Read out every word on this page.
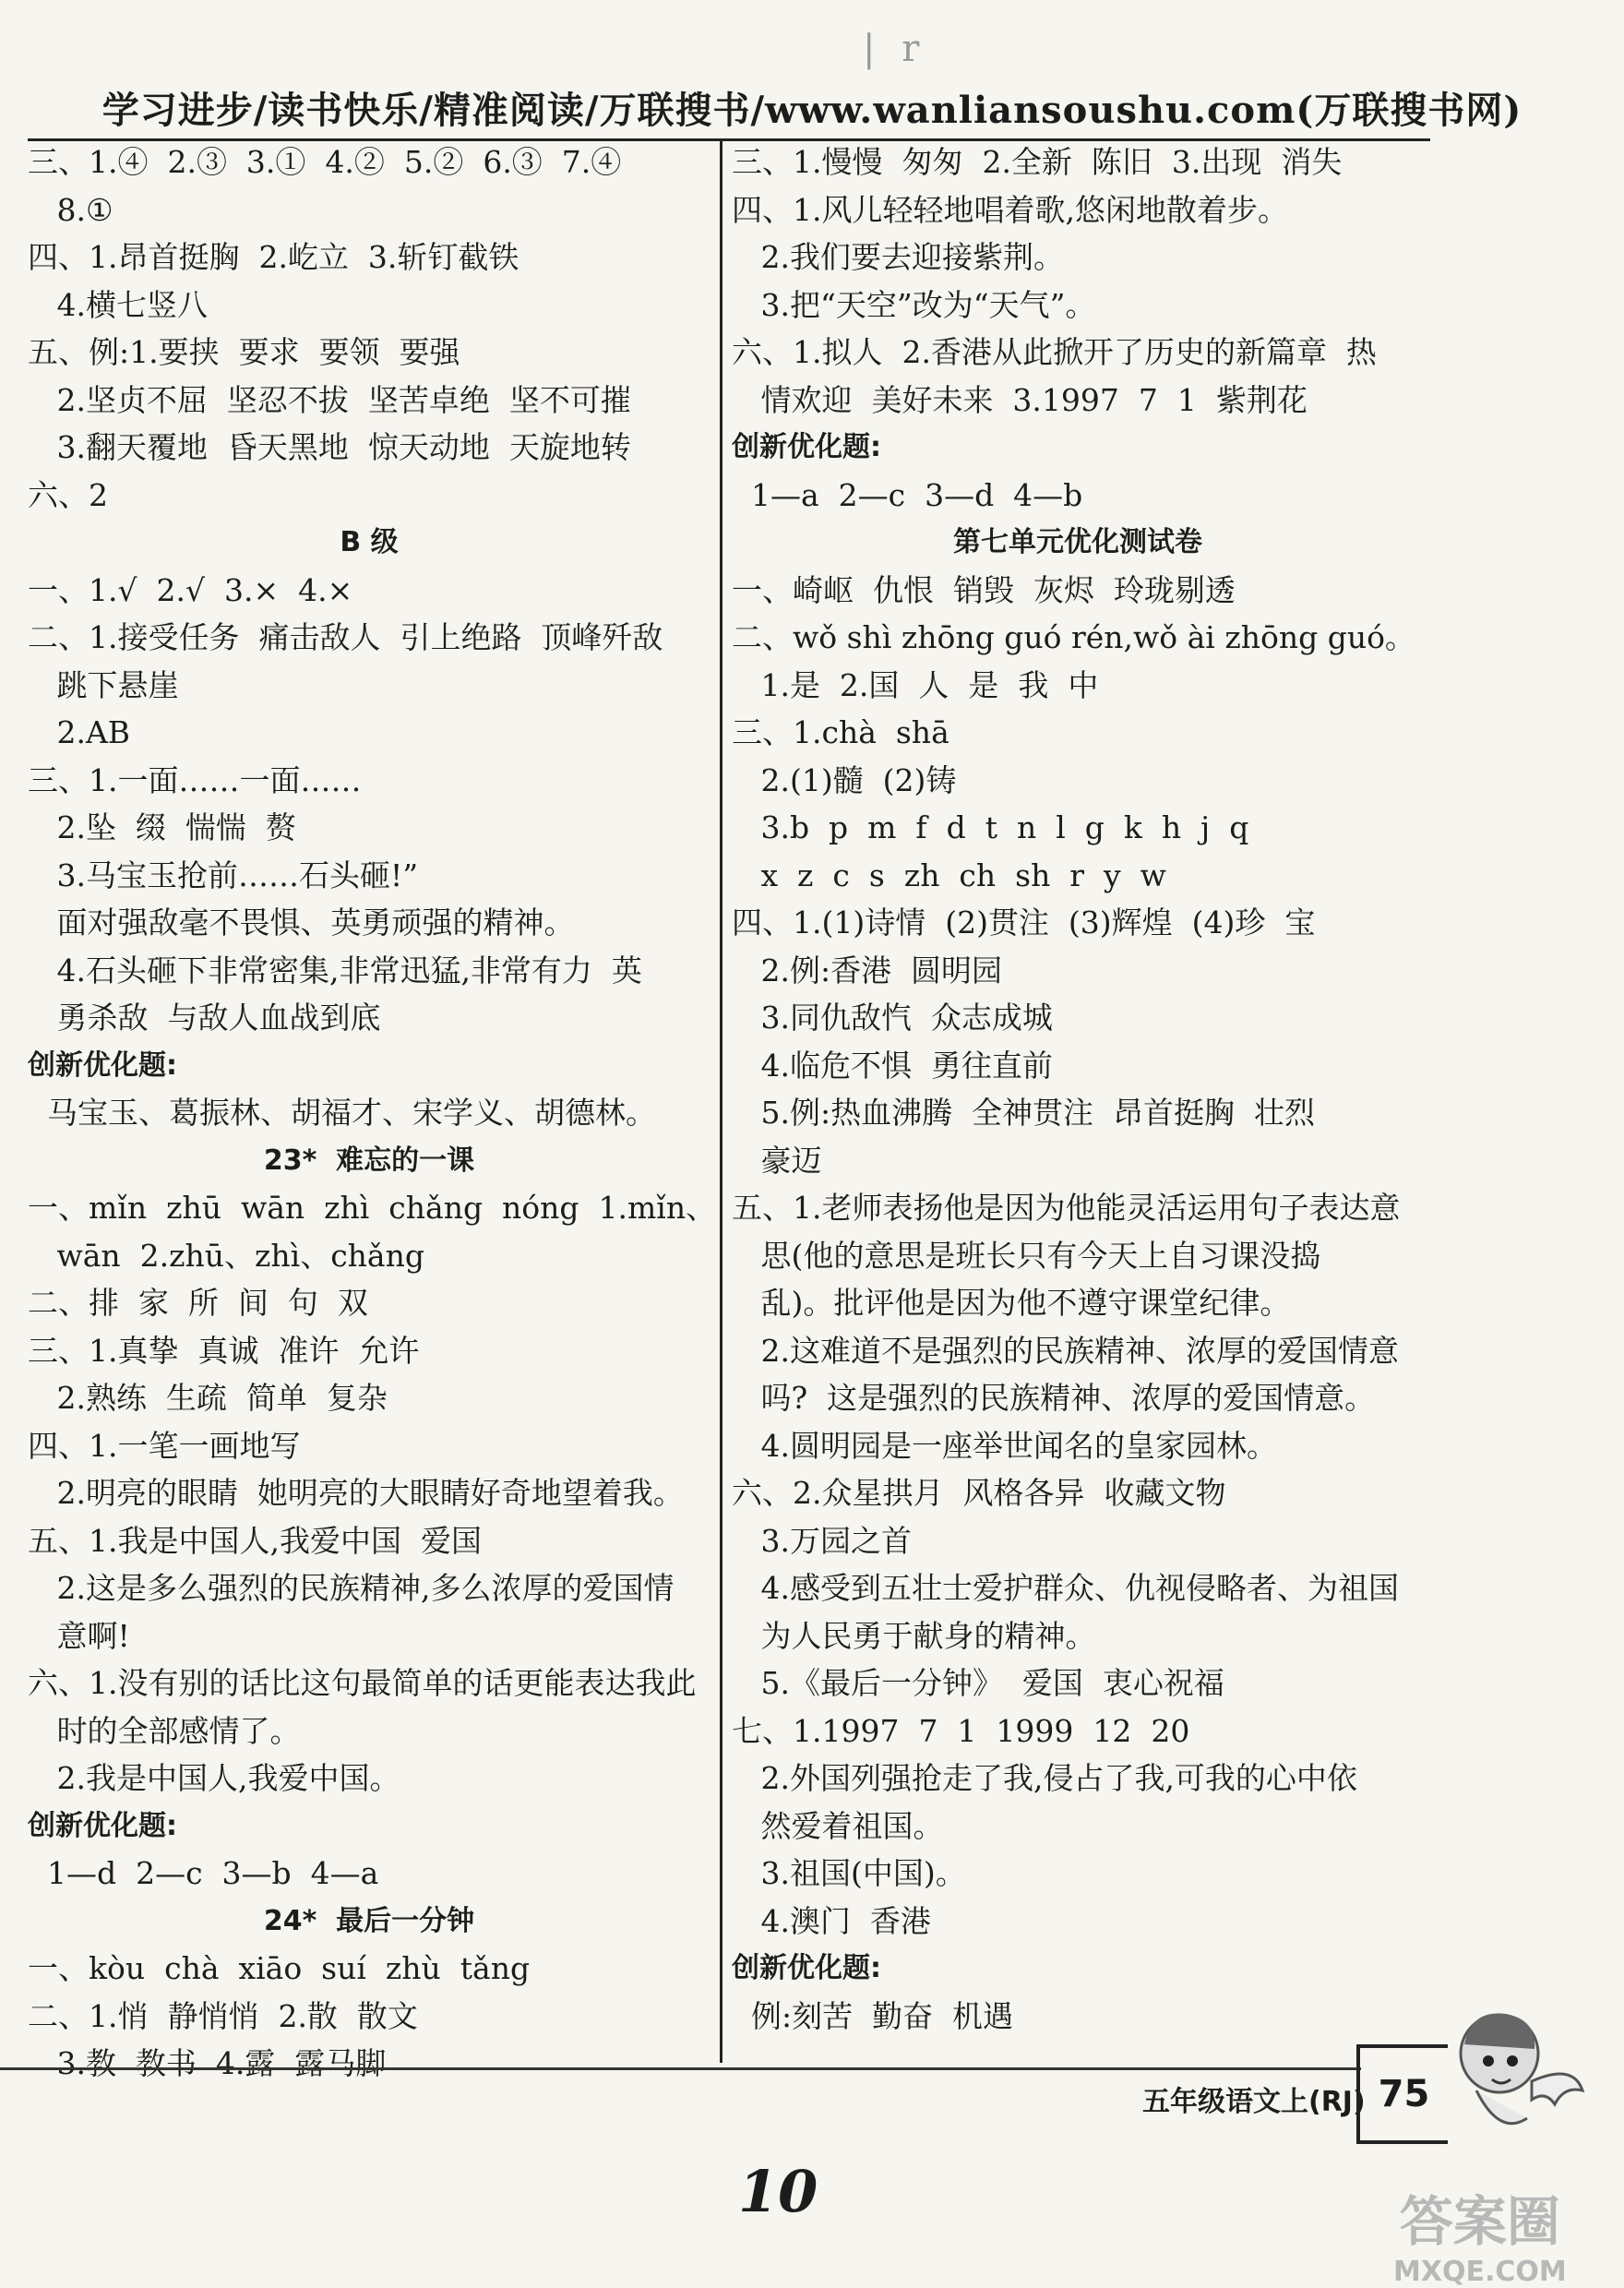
| r
学习进步/读书快乐/精准阅读/万联搜书/www.wanliansoushu.com(万联搜书网)
三、1.④  2.③  3.①  4.②  5.②  6.③  7.④
8.①
四、1.昂首挺胸  2.屹立  3.斩钉截铁
4.横七竖八
五、例:1.要挟  要求  要领  要强
2.坚贞不屈  坚忍不拔  坚苦卓绝  坚不可摧
3.翻天覆地  昏天黑地  惊天动地  天旋地转
六、2
B 级
一、1.√  2.√  3.×  4.×
二、1.接受任务  痛击敌人  引上绝路  顶峰歼敌
跳下悬崖
2.AB
三、1.一面……一面……
2.坠  缀  惴惴  赘
3.马宝玉抢前……石头砸!”
面对强敌毫不畏惧、英勇顽强的精神。
4.石头砸下非常密集,非常迅猛,非常有力  英
勇杀敌  与敌人血战到底
创新优化题:
马宝玉、葛振林、胡福才、宋学义、胡德林。
23*  难忘的一课
一、mǐn  zhū  wān  zhì  chǎng  nóng  1.mǐn、
wān  2.zhū、zhì、chǎng
二、排  家  所  间  句  双
三、1.真挚  真诚  准许  允许
2.熟练  生疏  简单  复杂
四、1.一笔一画地写
2.明亮的眼睛  她明亮的大眼睛好奇地望着我。
五、1.我是中国人,我爱中国  爱国
2.这是多么强烈的民族精神,多么浓厚的爱国情
意啊!
六、1.没有别的话比这句最简单的话更能表达我此
时的全部感情了。
2.我是中国人,我爱中国。
创新优化题:
1—d  2—c  3—b  4—a
24*  最后一分钟
一、kòu  chà  xiāo  suí  zhù  tǎng
二、1.悄  静悄悄  2.散  散文
3.教  教书  4.露  露马脚
三、1.慢慢  匆匆  2.全新  陈旧  3.出现  消失
四、1.风儿轻轻地唱着歌,悠闲地散着步。
2.我们要去迎接紫荆。
3.把“天空”改为“天气”。
六、1.拟人  2.香港从此掀开了历史的新篇章  热
情欢迎  美好未来  3.1997  7  1  紫荆花
创新优化题:
1—a  2—c  3—d  4—b
第七单元优化测试卷
一、崎岖  仇恨  销毁  灰烬  玲珑剔透
二、wǒ shì zhōng guó rén,wǒ ài zhōng guó。
1.是  2.国  人  是  我  中
三、1.chà  shā
2.(1)髓  (2)铸
3.b  p  m  f  d  t  n  l  g  k  h  j  q
x  z  c  s  zh  ch  sh  r  y  w
四、1.(1)诗情  (2)贯注  (3)辉煌  (4)珍  宝
2.例:香港  圆明园
3.同仇敌忾  众志成城
4.临危不惧  勇往直前
5.例:热血沸腾  全神贯注  昂首挺胸  壮烈
豪迈
五、1.老师表扬他是因为他能灵活运用句子表达意
思(他的意思是班长只有今天上自习课没捣
乱)。批评他是因为他不遵守课堂纪律。
2.这难道不是强烈的民族精神、浓厚的爱国情意
吗?  这是强烈的民族精神、浓厚的爱国情意。
4.圆明园是一座举世闻名的皇家园林。
六、2.众星拱月  风格各异  收藏文物
3.万园之首
4.感受到五壮士爱护群众、仇视侵略者、为祖国
为人民勇于献身的精神。
5.《最后一分钟》  爱国  衷心祝福
七、1.1997  7  1  1999  12  20
2.外国列强抢走了我,侵占了我,可我的心中依
然爱着祖国。
3.祖国(中国)。
4.澳门  香港
创新优化题:
例:刻苦  勤奋  机遇
五年级语文上(RJ) 75
10	答案圈
MXQE.COM
